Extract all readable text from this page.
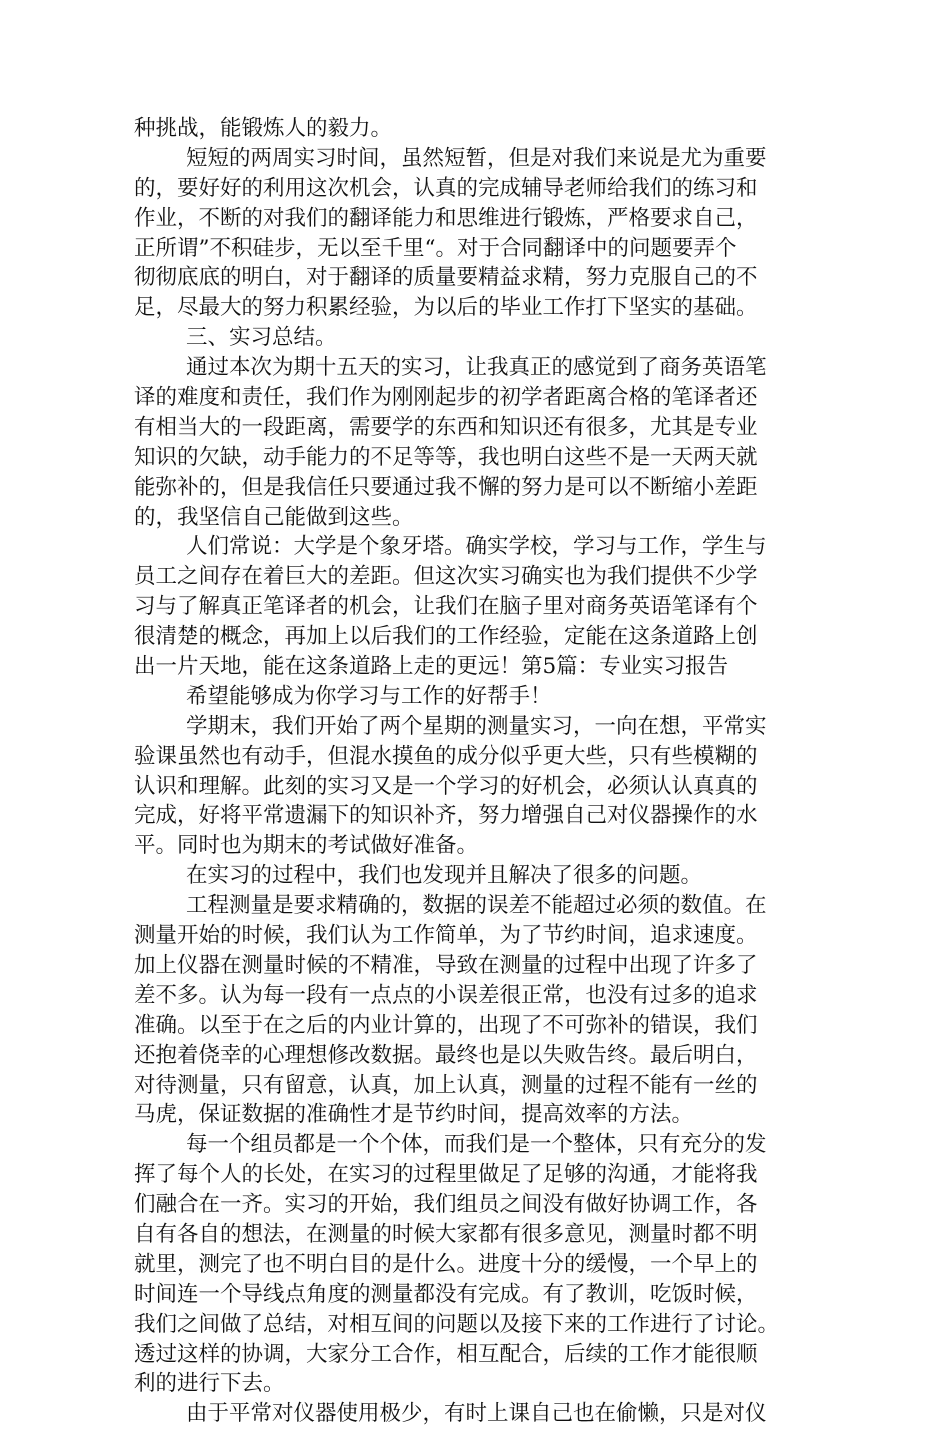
种挑战，能锻炼人的毅力。
短短的两周实习时间，虽然短暂，但是对我们来说是尤为重要
的，要好好的利用这次机会，认真的完成辅导老师给我们的练习和
作业，不断的对我们的翻译能力和思维进行锻炼，严格要求自己，
正所谓”不积硅步，无以至千里“。对于合同翻译中的问题要弄个
彻彻底底的明白，对于翻译的质量要精益求精，努力克服自己的不
足，尽最大的努力积累经验，为以后的毕业工作打下坚实的基础。
三、实习总结。
通过本次为期十五天的实习，让我真正的感觉到了商务英语笔
译的难度和责任，我们作为刚刚起步的初学者距离合格的笔译者还
有相当大的一段距离，需要学的东西和知识还有很多，尤其是专业
知识的欠缺，动手能力的不足等等，我也明白这些不是一天两天就
能弥补的，但是我信任只要通过我不懈的努力是可以不断缩小差距
的，我坚信自己能做到这些。
人们常说：大学是个象牙塔。确实学校，学习与工作，学生与
员工之间存在着巨大的差距。但这次实习确实也为我们提供不少学
习与了解真正笔译者的机会，让我们在脑子里对商务英语笔译有个
很清楚的概念，再加上以后我们的工作经验，定能在这条道路上创
出一片天地，能在这条道路上走的更远！第5篇：专业实习报告
希望能够成为你学习与工作的好帮手！
学期末，我们开始了两个星期的测量实习，一向在想，平常实
验课虽然也有动手，但混水摸鱼的成分似乎更大些，只有些模糊的
认识和理解。此刻的实习又是一个学习的好机会，必须认认真真的
完成，好将平常遗漏下的知识补齐，努力增强自己对仪器操作的水
平。同时也为期末的考试做好准备。
在实习的过程中，我们也发现并且解决了很多的问题。
工程测量是要求精确的，数据的误差不能超过必须的数值。在
测量开始的时候，我们认为工作简单，为了节约时间，追求速度。
加上仪器在测量时候的不精准，导致在测量的过程中出现了许多了
差不多。认为每一段有一点点的小误差很正常，也没有过多的追求
准确。以至于在之后的内业计算的，出现了不可弥补的错误，我们
还抱着侥幸的心理想修改数据。最终也是以失败告终。最后明白，
对待测量，只有留意，认真，加上认真，测量的过程不能有一丝的
马虎，保证数据的准确性才是节约时间，提高效率的方法。
每一个组员都是一个个体，而我们是一个整体，只有充分的发
挥了每个人的长处，在实习的过程里做足了足够的沟通，才能将我
们融合在一齐。实习的开始，我们组员之间没有做好协调工作，各
自有各自的想法，在测量的时候大家都有很多意见，测量时都不明
就里，测完了也不明白目的是什么。进度十分的缓慢，一个早上的
时间连一个导线点角度的测量都没有完成。有了教训，吃饭时候，
我们之间做了总结，对相互间的问题以及接下来的工作进行了讨论。
透过这样的协调，大家分工合作，相互配合，后续的工作才能很顺
利的进行下去。
由于平常对仪器使用极少，有时上课自己也在偷懒，只是对仪
